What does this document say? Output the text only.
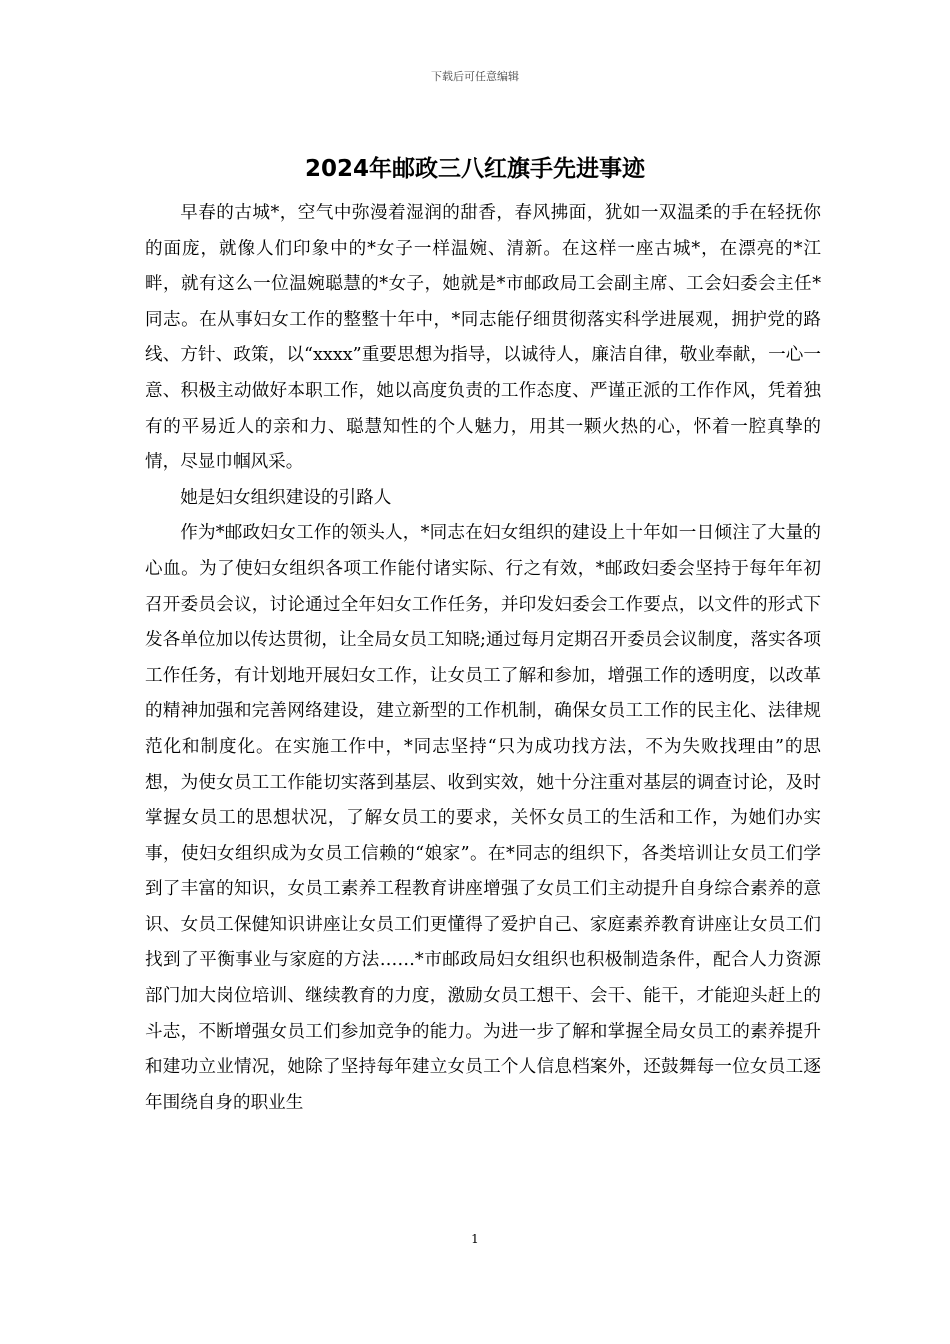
下载后可任意编辑
2024年邮政三八红旗手先进事迹

早春的古城*，空气中弥漫着湿润的甜香，春风拂面，犹如一双温柔的手在轻抚你的面庞，就像人们印象中的*女子一样温婉、清新。在这样一座古城*，在漂亮的*江畔，就有这么一位温婉聪慧的*女子，她就是*市邮政局工会副主席、工会妇委会主任*同志。在从事妇女工作的整整十年中，*同志能仔细贯彻落实科学进展观，拥护党的路线、方针、政策，以“xxxx”重要思想为指导，以诚待人，廉洁自律，敬业奉献，一心一意、积极主动做好本职工作，她以高度负责的工作态度、严谨正派的工作作风，凭着独有的平易近人的亲和力、聪慧知性的个人魅力，用其一颗火热的心，怀着一腔真挚的情，尽显巾帼风采。

她是妇女组织建设的引路人

作为*邮政妇女工作的领头人，*同志在妇女组织的建设上十年如一日倾注了大量的心血。为了使妇女组织各项工作能付诸实际、行之有效，*邮政妇委会坚持于每年年初召开委员会议，讨论通过全年妇女工作任务，并印发妇委会工作要点，以文件的形式下发各单位加以传达贯彻，让全局女员工知晓;通过每月定期召开委员会议制度，落实各项工作任务，有计划地开展妇女工作，让女员工了解和参加，增强工作的透明度，以改革的精神加强和完善网络建设，建立新型的工作机制，确保女员工工作的民主化、法律规范化和制度化。在实施工作中，*同志坚持“只为成功找方法，不为失败找理由”的思想，为使女员工工作能切实落到基层、收到实效，她十分注重对基层的调查讨论，及时掌握女员工的思想状况，了解女员工的要求，关怀女员工的生活和工作，为她们办实事，使妇女组织成为女员工信赖的“娘家”。在*同志的组织下，各类培训让女员工们学到了丰富的知识，女员工素养工程教育讲座增强了女员工们主动提升自身综合素养的意识、女员工保健知识讲座让女员工们更懂得了爱护自己、家庭素养教育讲座让女员工们找到了平衡事业与家庭的方法……*市邮政局妇女组织也积极制造条件，配合人力资源部门加大岗位培训、继续教育的力度，激励女员工想干、会干、能干，才能迎头赶上的斗志，不断增强女员工们参加竞争的能力。为进一步了解和掌握全局女员工的素养提升和建功立业情况，她除了坚持每年建立女员工个人信息档案外，还鼓舞每一位女员工逐年围绕自身的职业生

1
